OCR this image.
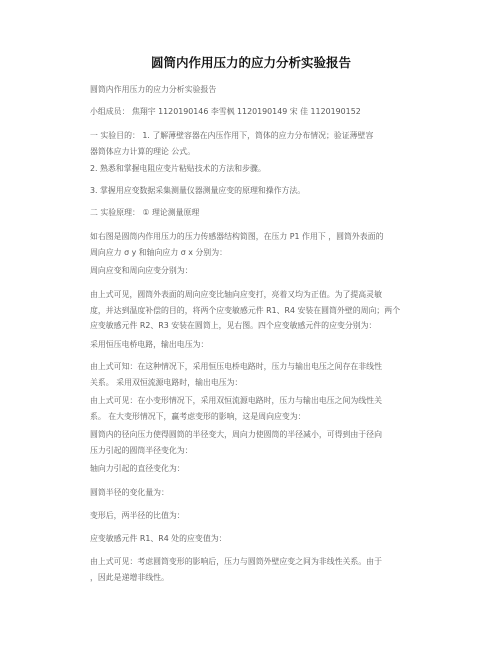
圆筒内作用压力的应力分析实验报告
圆筒内作用压力的应力分析实验报告
小组成员： 焦翔宇 1120190146 李雪枫 1120190149 宋 佳 1120190152
一 实验目的： 1. 了解薄壁容器在内压作用下，筒体的应力分布情况；验证薄壁容
器筒体应力计算的理论 公式。
2. 熟悉和掌握电阻应变片粘贴技术的方法和步骤。
3. 掌握用应变数据采集测量仪器测量应变的原理和操作方法。
二 实验原理： ① 理论测量原理
如右图是圆筒内作用压力的压力传感器结构简图，在压力 P1 作用下 ，圆筒外表面的
周向应力 σ y 和轴向应力 σ x 分别为：
周向应变和周向应变分别为：
由上式可见，圆筒外表面的周向应变比轴向应变打，亮着又均为正值。为了提高灵敏
度，并达到温度补偿的目的，将两个应变敏感元件 R1、R4 安装在圆筒外壁的周向；两个
应变敏感元件 R2、R3 安装在圆筒上，见右图。四个应变敏感元件的应变分别为：
采用恒压电桥电路，输出电压为：
由上式可知：在这种情况下，采用恒压电桥电路时，压力与输出电压之间存在非线性
关系。 采用双恒流源电路时，输出电压为：
由上式可见：在小变形情况下，采用双恒流源电路时，压力与输出电压之间为线性关
系。 在大变形情况下，赢考虑变形的影响，这是周向应变为：
圆筒内的径向压力使得圆筒的半径变大，周向力使圆筒的半径减小，可得到由于径向
压力引起的圆筒半径变化为：
轴向力引起的直径变化为：
圆筒半径的变化量为：
变形后，两半径的比值为：
应变敏感元件 R1、R4 处的应变值为：
由上式可见：考虑圆筒变形的影响后，压力与圆筒外壁应变之间为非线性关系。由于
，因此是递增非线性。
